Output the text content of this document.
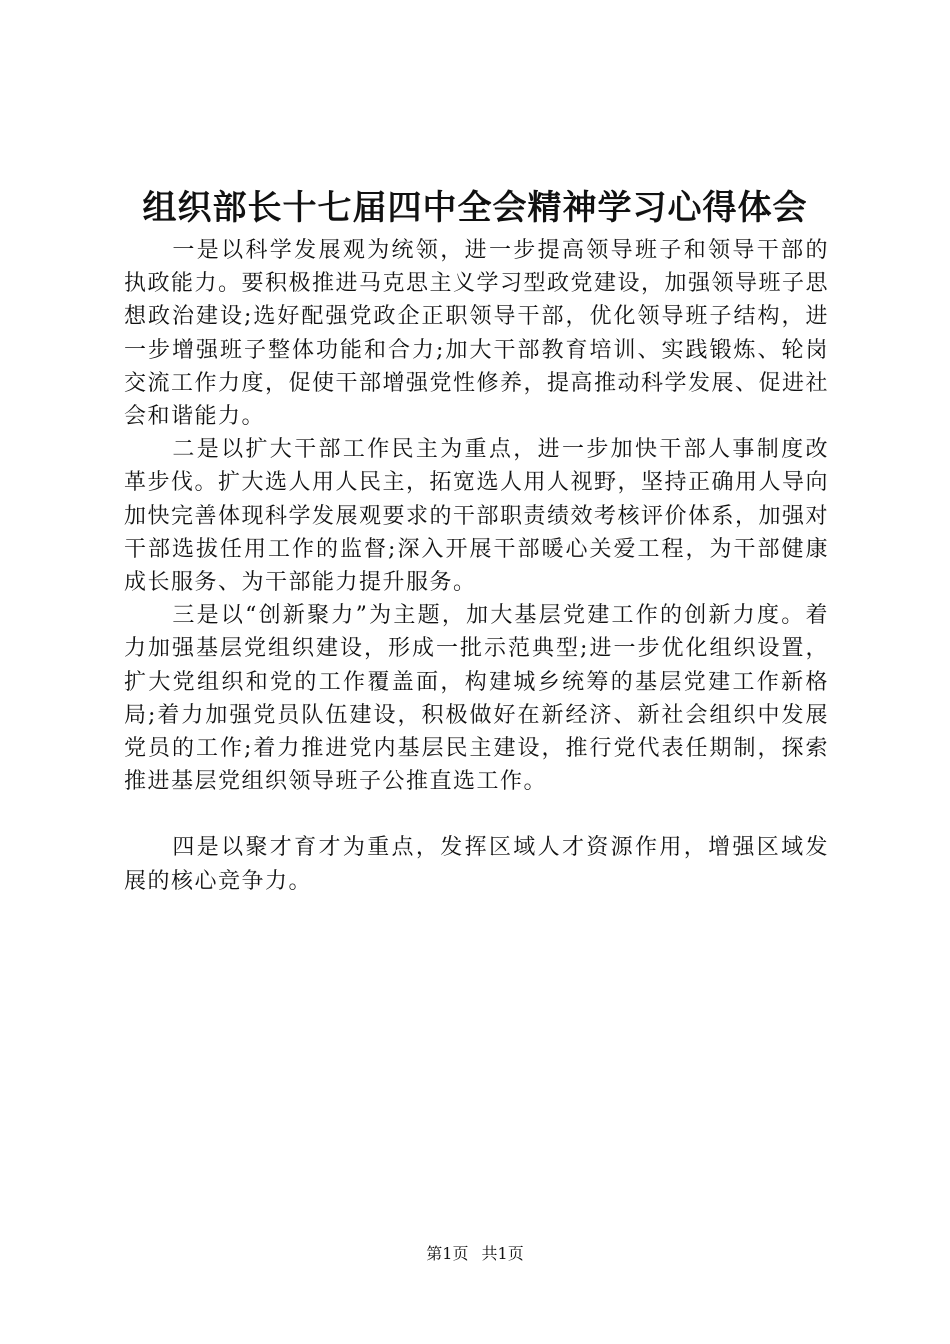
组织部长十七届四中全会精神学习心得体会

一是以科学发展观为统领，进一步提高领导班子和领导干部的执政能力。要积极推进马克思主义学习型政党建设，加强领导班子思想政治建设;选好配强党政企正职领导干部，优化领导班子结构，进一步增强班子整体功能和合力;加大干部教育培训、实践锻炼、轮岗交流工作力度，促使干部增强党性修养，提高推动科学发展、促进社会和谐能力。

二是以扩大干部工作民主为重点，进一步加快干部人事制度改革步伐。扩大选人用人民主，拓宽选人用人视野，坚持正确用人导向加快完善体现科学发展观要求的干部职责绩效考核评价体系，加强对干部选拔任用工作的监督;深入开展干部暖心关爱工程，为干部健康成长服务、为干部能力提升服务。

三是以“创新聚力”为主题，加大基层党建工作的创新力度。着力加强基层党组织建设，形成一批示范典型;进一步优化组织设置，扩大党组织和党的工作覆盖面，构建城乡统筹的基层党建工作新格局;着力加强党员队伍建设，积极做好在新经济、新社会组织中发展党员的工作;着力推进党内基层民主建设，推行党代表任期制，探索推进基层党组织领导班子公推直选工作。

四是以聚才育才为重点，发挥区域人才资源作用，增强区域发展的核心竞争力。

第1页 共1页
